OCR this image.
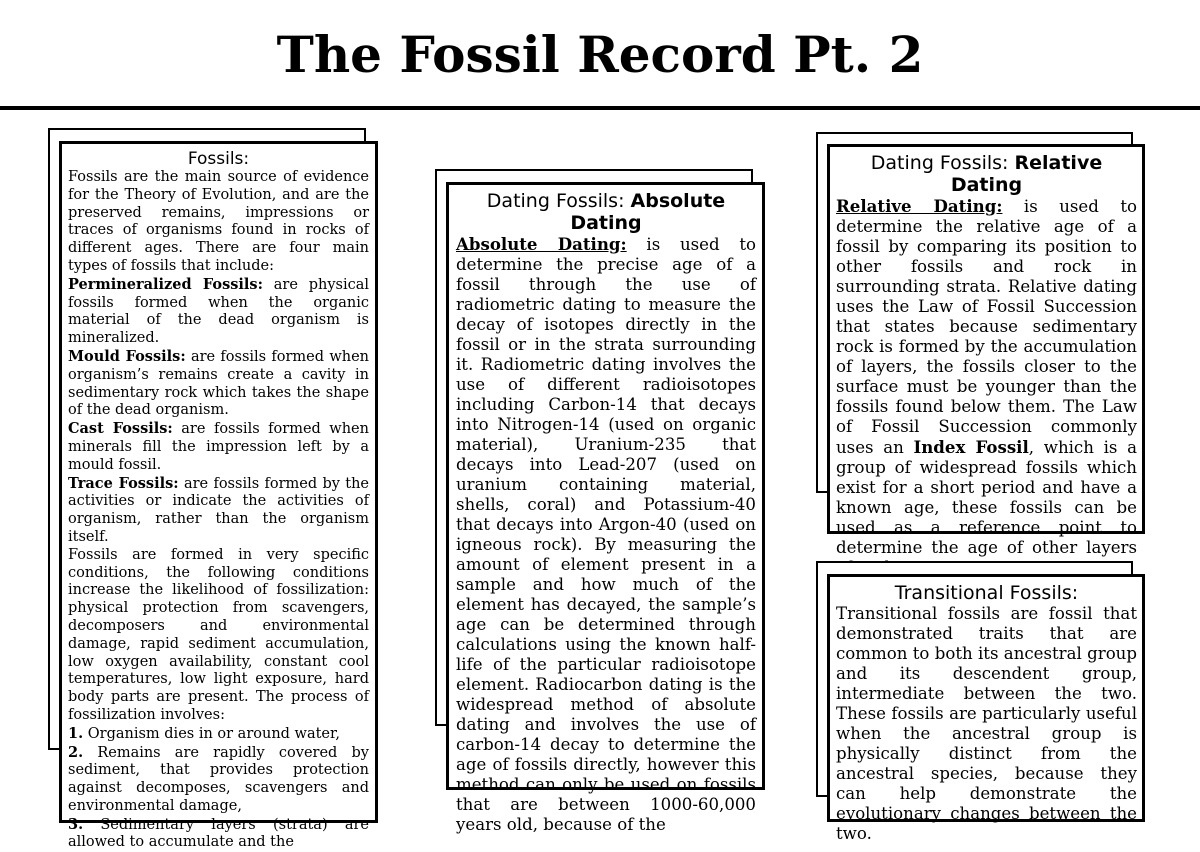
The Fossil Record Pt. 2
Fossils:

Fossils are the main source of evidence for the Theory of Evolution, and are the preserved remains, impressions or traces of organisms found in rocks of different ages. There are four main types of fossils that include:

Permineralized Fossils: are physical fossils formed when the organic material of the dead organism is mineralized.

Mould Fossils: are fossils formed when organism’s remains create a cavity in sedimentary rock which takes the shape of the dead organism.

Cast Fossils: are fossils formed when minerals fill the impression left by a mould fossil.

Trace Fossils: are fossils formed by the activities or indicate the activities of organism, rather than the organism itself.

Fossils are formed in very specific conditions, the following conditions increase the likelihood of fossilization: physical protection from scavengers, decomposers and environmental damage, rapid sediment accumulation, low oxygen availability, constant cool temperatures, low light exposure, hard body parts are present. The process of fossilization involves:

1. Organism dies in or around water,

2. Remains are rapidly covered by sediment, that provides protection against decomposes, scavengers and environmental damage,

3. Sedimentary layers (strata) are allowed to accumulate and the

Dating Fossils: Absolute Dating

Absolute Dating: is used to determine the precise age of a fossil through the use of radiometric dating to measure the decay of isotopes directly in the fossil or in the strata surrounding it. Radiometric dating involves the use of different radioisotopes including Carbon-14 that decays into Nitrogen-14 (used on organic material), Uranium-235 that decays into Lead-207 (used on uranium containing material, shells, coral) and Potassium-40 that decays into Argon-40 (used on igneous rock). By measuring the amount of element present in a sample and how much of the element has decayed, the sample’s age can be determined through calculations using the known half-life of the particular radioisotope element. Radiocarbon dating is the widespread method of absolute dating and involves the use of carbon-14 decay to determine the age of fossils directly, however this method can only be used on fossils that are between 1000-60,000 years old, because of the

Dating Fossils: Relative Dating

Relative Dating: is used to determine the relative age of a fossil by comparing its position to other fossils and rock in surrounding strata. Relative dating uses the Law of Fossil Succession that states because sedimentary rock is formed by the accumulation of layers, the fossils closer to the surface must be younger than the fossils found below them. The Law of Fossil Succession commonly uses an Index Fossil, which is a group of widespread fossils which exist for a short period and have a known age, these fossils can be used as a reference point to determine the age of other layers

Transitional Fossils:

Transitional fossils are fossil that demonstrated traits that are common to both its ancestral group and its descendent group, intermediate between the two. These fossils are particularly useful when the ancestral group is physically distinct from the ancestral species, because they can help demonstrate the evolutionary changes between the two.
